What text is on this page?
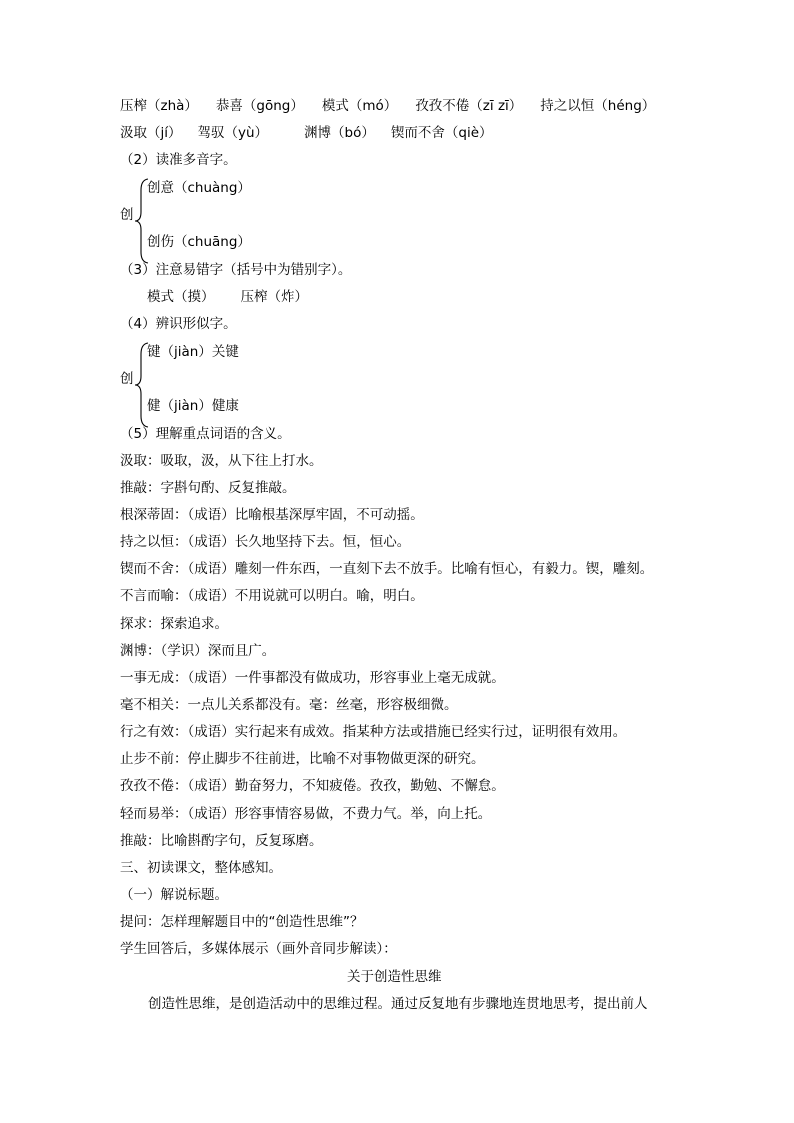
压榨（zhà） 恭喜（gōng） 模式（mó） 孜孜不倦（zī zī） 持之以恒（héng）
汲取（jí） 驾驭（yù）	渊博（bó） 锲而不舍（qiè）
（2）读准多音字。
创意（chuàng）
创
创伤（chuāng）
（3）注意易错字（括号中为错别字）。
模式（摸） 压榨（炸）
（4）辨识形似字。
键（jiàn）关键
创
健（jiàn）健康
（5）理解重点词语的含义。
汲取：吸取，汲，从下往上打水。
推敲：字斟句酌、反复推敲。
根深蒂固：（成语）比喻根基深厚牢固，不可动摇。
持之以恒：（成语）长久地坚持下去。恒，恒心。
锲而不舍：（成语）雕刻一件东西，一直刻下去不放手。比喻有恒心，有毅力。锲，雕刻。
不言而喻：（成语）不用说就可以明白。喻，明白。
探求：探索追求。
渊博：（学识）深而且广。
一事无成：（成语）一件事都没有做成功，形容事业上毫无成就。
毫不相关：一点儿关系都没有。毫：丝毫，形容极细微。
行之有效：（成语）实行起来有成效。指某种方法或措施已经实行过，证明很有效用。
止步不前：停止脚步不往前进，比喻不对事物做更深的研究。
孜孜不倦：（成语）勤奋努力，不知疲倦。孜孜，勤勉、不懈怠。
轻而易举：（成语）形容事情容易做，不费力气。举，向上托。
推敲：比喻斟酌字句，反复琢磨。
三、初读课文，整体感知。
（一）解说标题。
提问：怎样理解题目中的“创造性思维”？
学生回答后，多媒体展示（画外音同步解读）：
关于创造性思维
创造性思维，是创造活动中的思维过程。通过反复地有步骤地连贯地思考，提出前人
